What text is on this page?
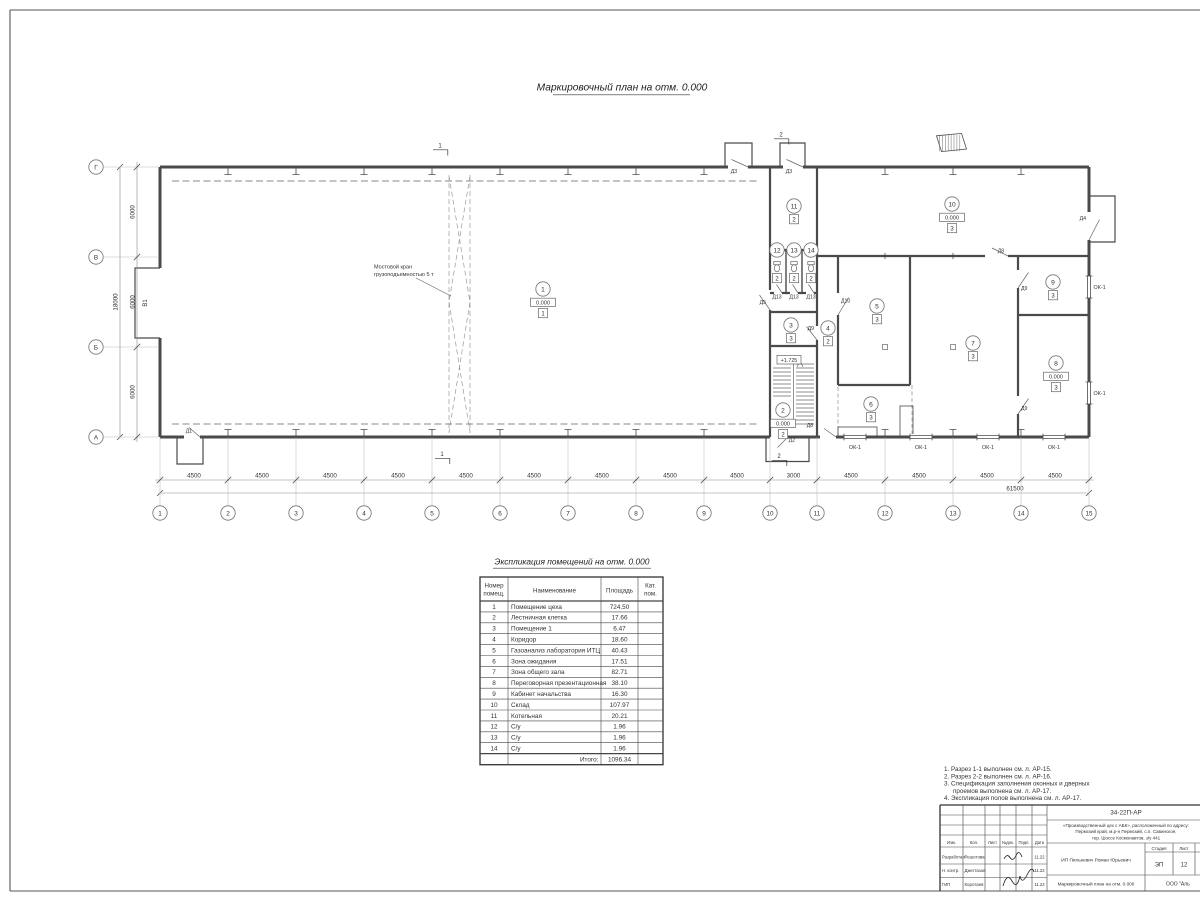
Маркировочный план на отм. 0.000
Экспликация помещений на отм. 0.000
Мостовой кран
грузоподъемностью 5 т
61500
18000
1	2	3	4	5	6	7	8	9	10	11	12	13	14	15
Г
В
Б
А
4500	4500	4500	4500	4500	4500	4500	4500	4500	3000	4500	4500	4500	4500
6000
6000
6000
+1.725
1
0.000
1
2
0.000
2
3
3
4
2
5
3
6
3
7
3
8
0.000
3
9
3
10
0.000
3
11
2
12
2
13
2
14
2
Д1
Д2
Д3	Д3
Д4
Д5
Д8
Д8
Д9
Д9
Д9
Д10
Д13 Д13 Д13
ОК-1	ОК-1	ОК-1	ОК-1
ОК-1
ОК-1
В1
1
1
2
2
Итого: 1096.34
Номер
помещ.	Наименование	Площадь
Кат.
пом.
1 Помещение цеха	724.50
2 Лестничная клетка	17.66
3 Помещение 1	6.47
4 Коридор	18.60
5 Газоанализ лаборатория ИТЦ 40.43
6 Зона ожидания	17.51
7 Зона общего зала	82.71
8 Переговорная презентационная 38.10
9 Кабинет начальства	16.30
10 Склад	107.97
11 Котельная	20.21
12 С/у	1.96
13 С/у	1.96
14 С/у	1.96
1. Разрез 1-1 выполнен см. л. АР-15.
2. Разрез 2-2 выполнен см. л. АР-16.
3. Спецификация заполнения оконных и дверных
проемов выполнена см. л. АР-17.
4. Экспликация полов выполнена см. л. АР-17.
34-22П-АР
«Производственный цех с АБК», расположенный по адресу:
Пермский край, м.р-н Пермский, с.п. Савинское,
тер. Шоссе Космонавтов, з/у 441
Изм.	Кол. Лист №док. Подп. Дата
Разработал Решетова	11.22
Н. контр. Джегтазов	11.22
ГИП	Коротаев	11.22
ИП Пилькевич Роман Юрьевич
Стадия	Лист
ЭП	12
Маркировочный план на отм. 0.000	ООО "Аль
